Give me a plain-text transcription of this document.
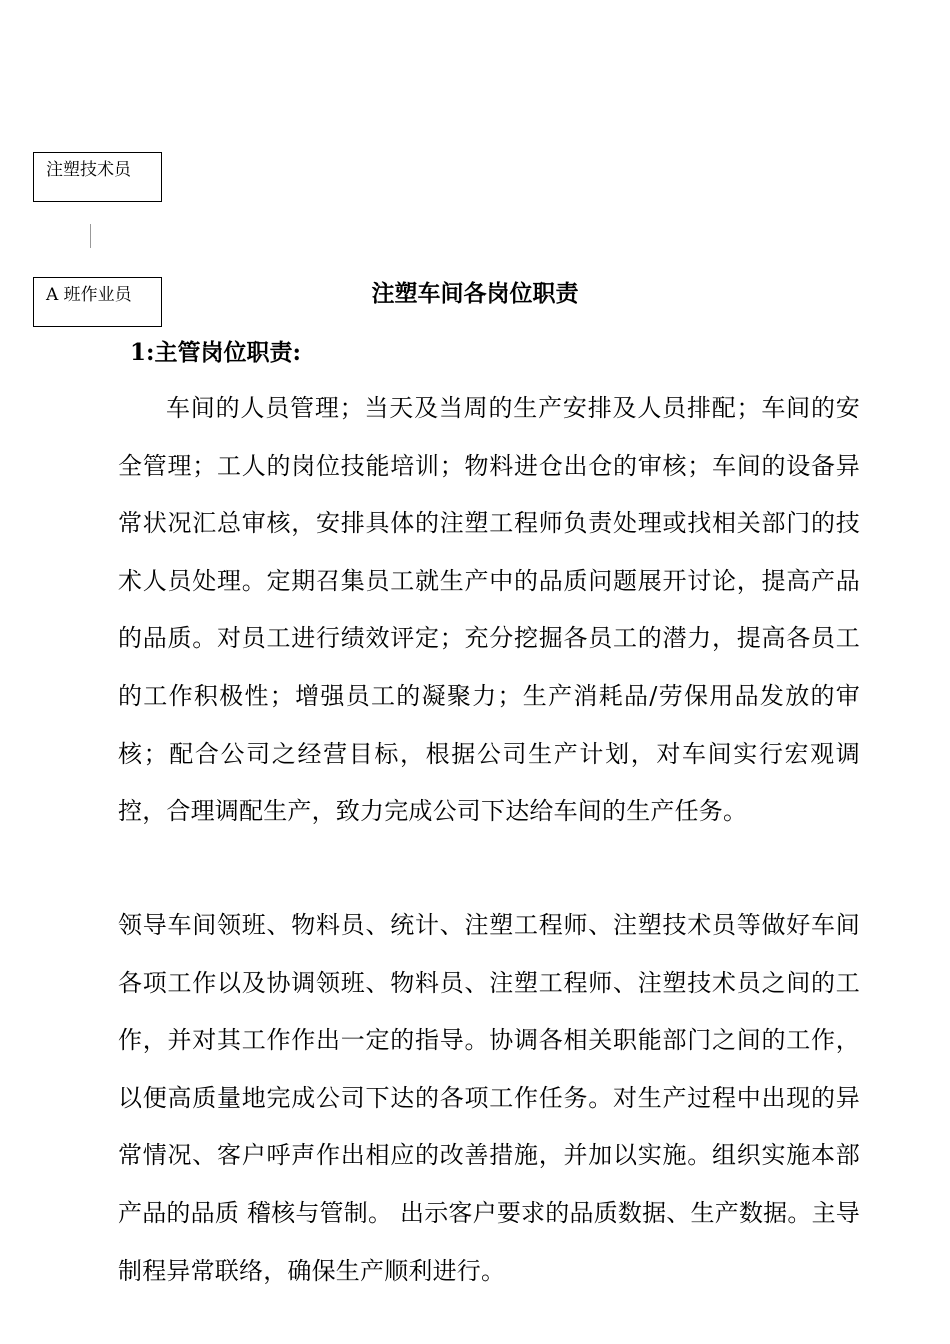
注塑技术员
A 班作业员	注塑车间各岗位职责
1:主管岗位职责:

车间的人员管理；当天及当周的生产安排及人员排配；车间的安全管理；工人的岗位技能培训；物料进仓出仓的审核；车间的设备异常状况汇总审核，安排具体的注塑工程师负责处理或找相关部门的技术人员处理。定期召集员工就生产中的品质问题展开讨论，提高产品的品质。对员工进行绩效评定；充分挖掘各员工的潜力，提高各员工的工作积极性；增强员工的凝聚力；生产消耗品/劳保用品发放的审核；配合公司之经营目标，根据公司生产计划，对车间实行宏观调控，合理调配生产，致力完成公司下达给车间的生产任务。

领导车间领班、物料员、统计、注塑工程师、注塑技术员等做好车间各项工作以及协调领班、物料员、注塑工程师、注塑技术员之间的工作，并对其工作作出一定的指导。协调各相关职能部门之间的工作，以便高质量地完成公司下达的各项工作任务。对生产过程中出现的异常情况、客户呼声作出相应的改善措施，并加以实施。组织实施本部产品的品质 稽核与管制。 出示客户要求的品质数据、生产数据。主导制程异常联络，确保生产顺利进行。
